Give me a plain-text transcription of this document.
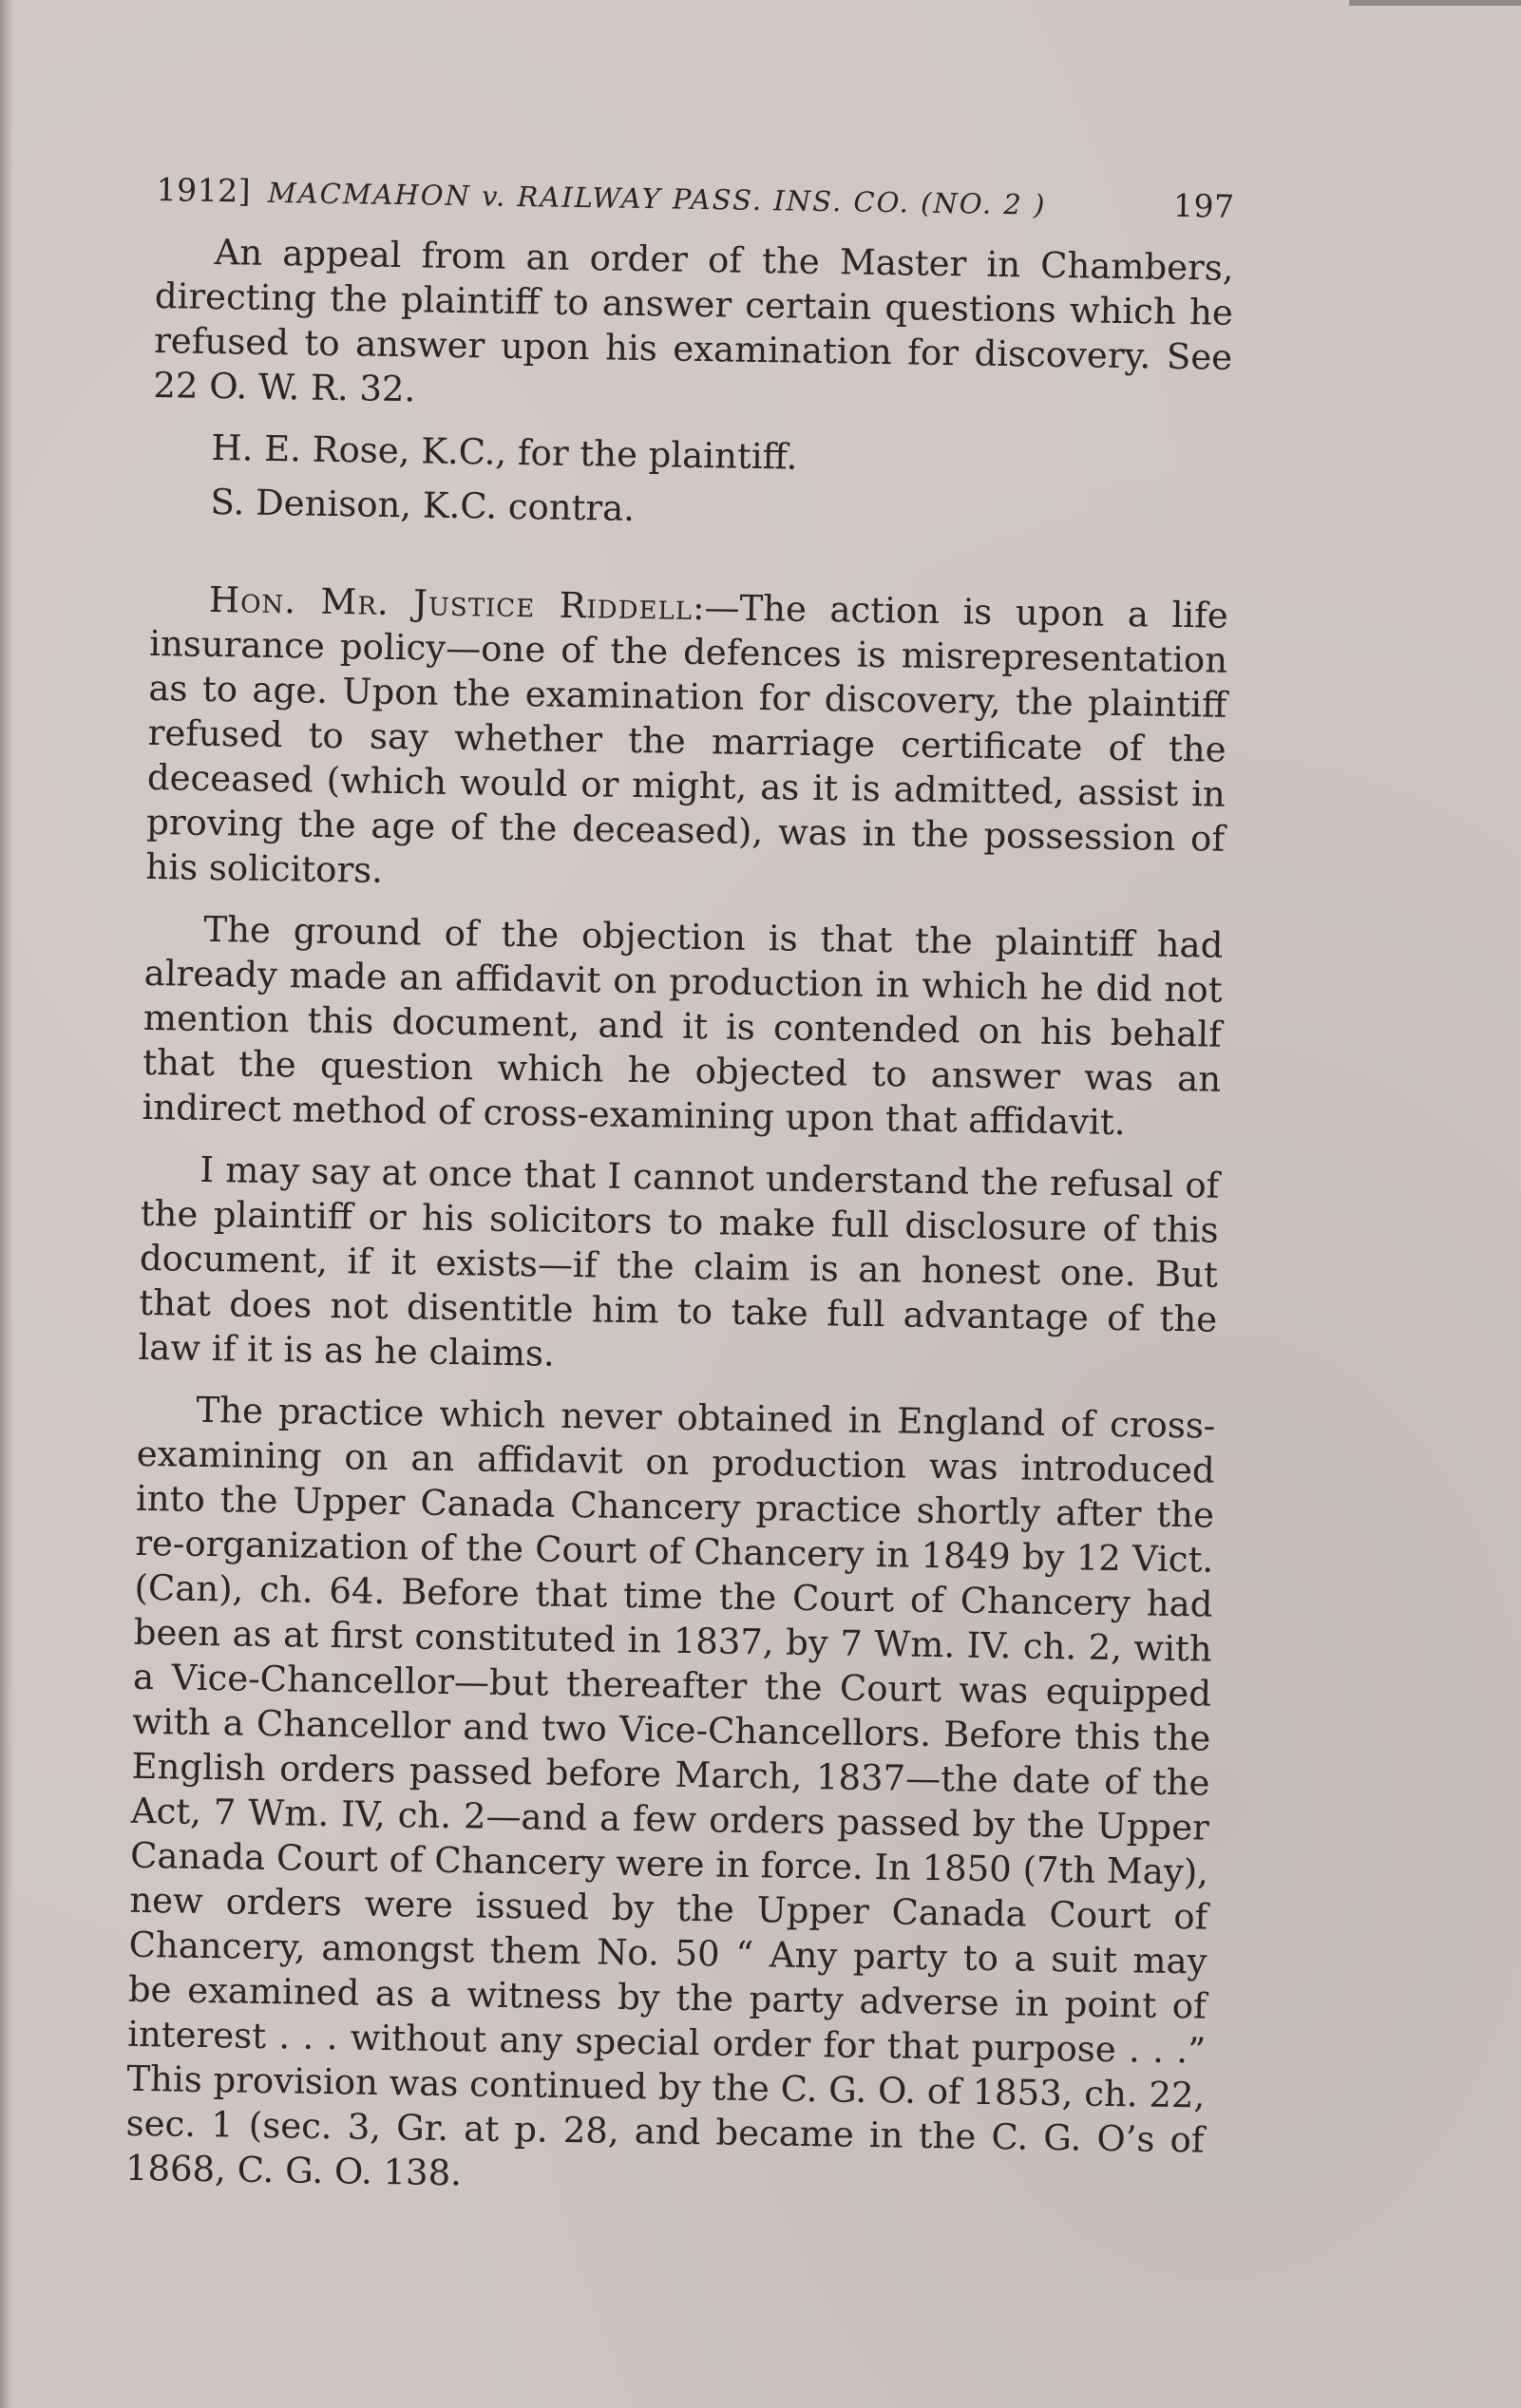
1912] MACMAHON v. RAILWAY PASS. INS. CO. (NO. 2 )	197

An appeal from an order of the Master in Chambers, directing the plaintiff to answer certain questions which he refused to answer upon his examination for discovery. See 22 O. W. R. 32.

H. E. Rose, K.C., for the plaintiff.

S. Denison, K.C. contra.

Hon. Mr. Justice Riddell:—The action is upon a life insurance policy—one of the defences is misrepresentation as to age. Upon the examination for discovery, the plaintiff refused to say whether the marriage certificate of the deceased (which would or might, as it is admitted, assist in proving the age of the deceased), was in the possession of his solicitors.

The ground of the objection is that the plaintiff had already made an affidavit on production in which he did not mention this document, and it is contended on his behalf that the question which he objected to answer was an indirect method of cross-examining upon that affidavit.

I may say at once that I cannot understand the refusal of the plaintiff or his solicitors to make full disclosure of this document, if it exists—if the claim is an honest one. But that does not disentitle him to take full advantage of the law if it is as he claims.

The practice which never obtained in England of cross-examining on an affidavit on production was introduced into the Upper Canada Chancery practice shortly after the re-organization of the Court of Chancery in 1849 by 12 Vict. (Can), ch. 64. Before that time the Court of Chancery had been as at first constituted in 1837, by 7 Wm. IV. ch. 2, with a Vice-Chancellor—but thereafter the Court was equipped with a Chancellor and two Vice-Chancellors. Before this the English orders passed before March, 1837—the date of the Act, 7 Wm. IV, ch. 2—and a few orders passed by the Upper Canada Court of Chancery were in force. In 1850 (7th May), new orders were issued by the Upper Canada Court of Chancery, amongst them No. 50 “ Any party to a suit may be examined as a witness by the party adverse in point of interest . . . without any special order for that purpose . . .” This provision was continued by the C. G. O. of 1853, ch. 22, sec. 1 (sec. 3, Gr. at p. 28, and became in the C. G. O’s of 1868, C. G. O. 138.
